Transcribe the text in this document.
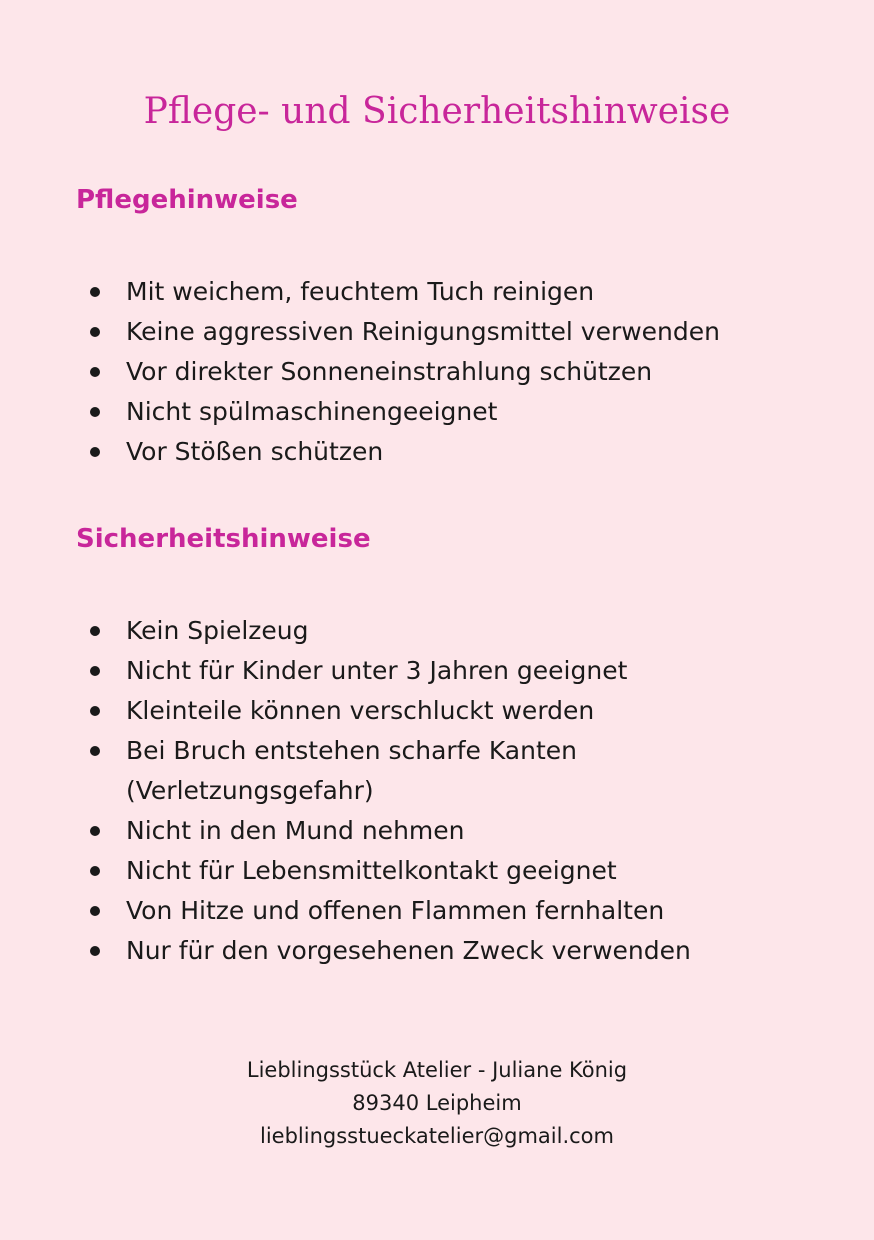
Pflege- und Sicherheitshinweise
Pflegehinweise
Mit weichem, feuchtem Tuch reinigen
Keine aggressiven Reinigungsmittel verwenden
Vor direkter Sonneneinstrahlung schützen
Nicht spülmaschinengeeignet
Vor Stößen schützen
Sicherheitshinweise
Kein Spielzeug
Nicht für Kinder unter 3 Jahren geeignet
Kleinteile können verschluckt werden
Bei Bruch entstehen scharfe Kanten (Verletzungsgefahr)
Nicht in den Mund nehmen
Nicht für Lebensmittelkontakt geeignet
Von Hitze und offenen Flammen fernhalten
Nur für den vorgesehenen Zweck verwenden
Lieblingsstück Atelier - Juliane König
89340 Leipheim
lieblingsstueckatelier@gmail.com
